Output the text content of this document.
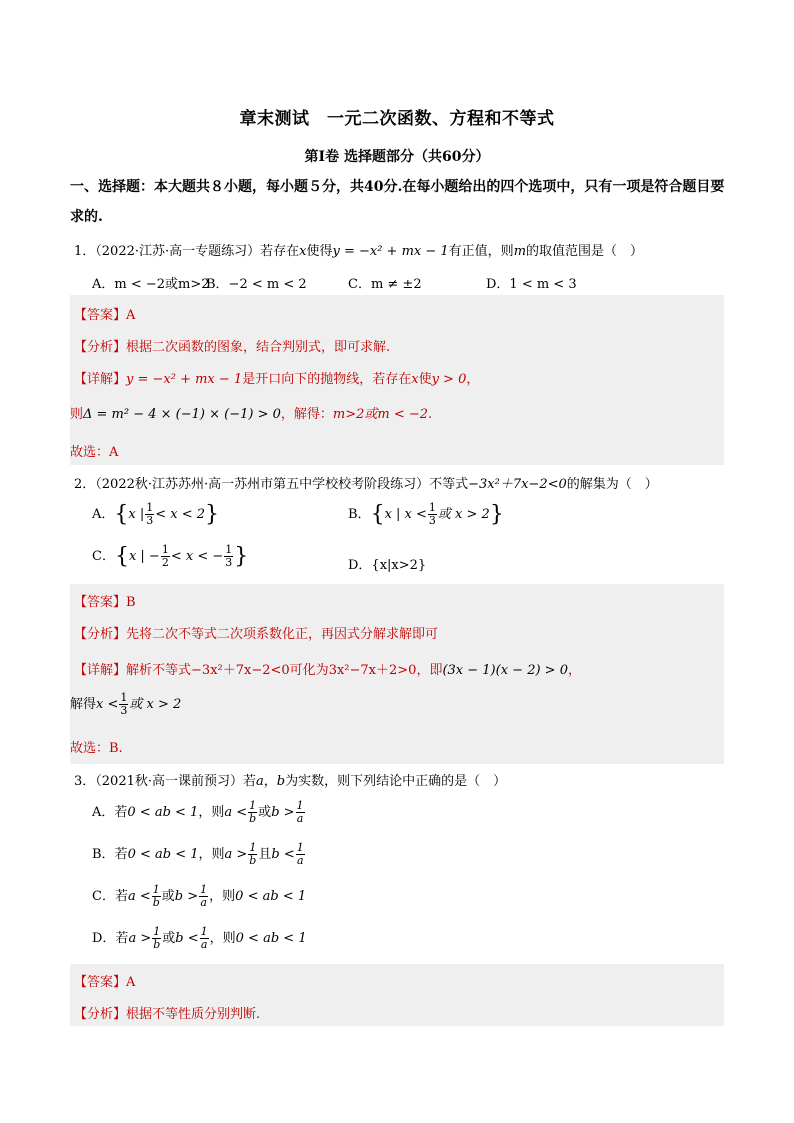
章末测试　一元二次函数、方程和不等式
第Ⅰ卷 选择题部分（共60分）
一、选择题：本大题共８小题，每小题５分，共40分.在每小题给出的四个选项中，只有一项是符合题目要求的.
1．（2022·江苏·高一专题练习）若存在x使得y = −x² + mx − 1有正值，则m的取值范围是（　）
A．m < −2或m>2
B．−2 < m < 2	C．m ≠ ±2	D．1 < m < 3
【答案】A
【分析】根据二次函数的图象，结合判别式，即可求解.
【详解】y = −x² + mx − 1是开口向下的抛物线，若存在x使y > 0，
则Δ = m² − 4 × (−1) × (−1) > 0，解得：m>2或m < −2.
故选：A
2．（2022秋·江苏苏州·高一苏州市第五中学校校考阶段练习）不等式−3x²＋7x−2<0的解集为（　）
A．{x | $\frac{1}{3} < x < 2$}	B．{x | $x < \frac{1}{3}$ 或 x > 2}
C．{x | − $\frac{1}{2} < x$ < − $\frac{1}{3}$ }	D．{x|x>2}
【答案】B
【分析】先将二次不等式二次项系数化正，再因式分解求解即可
【详解】解析不等式−3x²＋7x−2<0可化为3x²−7x＋2>0，即(3x − 1)(x − 2) > 0，
解得$x < \frac{1}{3}$ 或 x > 2
故选：B.
3．（2021秋·高一课前预习）若a，b为实数，则下列结论中正确的是（　）
A．若0 < ab < 1，则$a < \frac{1}{b}$ 或$b > \frac{1}{a}$
B．若0 < ab < 1，则$a > \frac{1}{b}$ 且$b < \frac{1}{a}$
C．若$a < \frac{1}{b}$ 或$b > \frac{1}{a}$ ，则0 < ab < 1
D．若$a > \frac{1}{b}$ 或$b < \frac{1}{a}$ ，则0 < ab < 1
【答案】A
【分析】根据不等性质分别判断.
